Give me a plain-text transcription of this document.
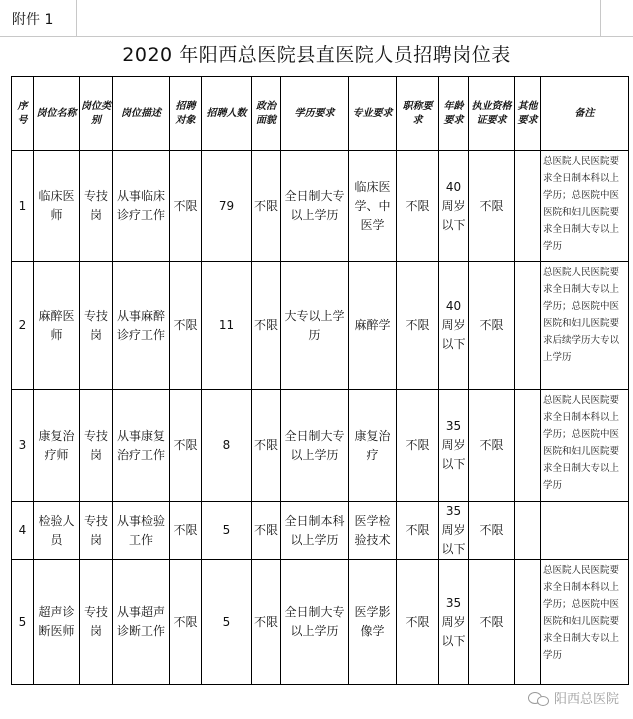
附件 1
2020 年阳西总医院县直医院人员招聘岗位表
序号	岗位名称	岗位类别	岗位描述	招聘对象	招聘人数	政治面貌	学历要求	专业要求	职称要求	年龄要求	执业资格证要求	其他要求	备注
1	临床医师	专技岗	从事临床诊疗工作	不限	79	不限	全日制大专以上学历	临床医学、中医学	不限	40 周岁以下	不限		总医院人民医院要求全日制本科以上学历；总医院中医医院和妇儿医院要求全日制大专以上学历
2	麻醉医师	专技岗	从事麻醉诊疗工作	不限	11	不限	大专以上学历	麻醉学	不限	40 周岁以下	不限		总医院人民医院要求全日制大专以上学历；总医院中医医院和妇儿医院要求后续学历大专以上学历
3	康复治疗师	专技岗	从事康复治疗工作	不限	8	不限	全日制大专以上学历	康复治疗	不限	35 周岁以下	不限		总医院人民医院要求全日制本科以上学历；总医院中医医院和妇儿医院要求全日制大专以上学历
4	检验人员	专技岗	从事检验工作	不限	5	不限	全日制本科以上学历	医学检验技术	不限	35 周岁以下	不限		
5	超声诊断医师	专技岗	从事超声诊断工作	不限	5	不限	全日制大专以上学历	医学影像学	不限	35 周岁以下	不限		总医院人民医院要求全日制本科以上学历；总医院中医医院和妇儿医院要求全日制大专以上学历
阳西总医院
